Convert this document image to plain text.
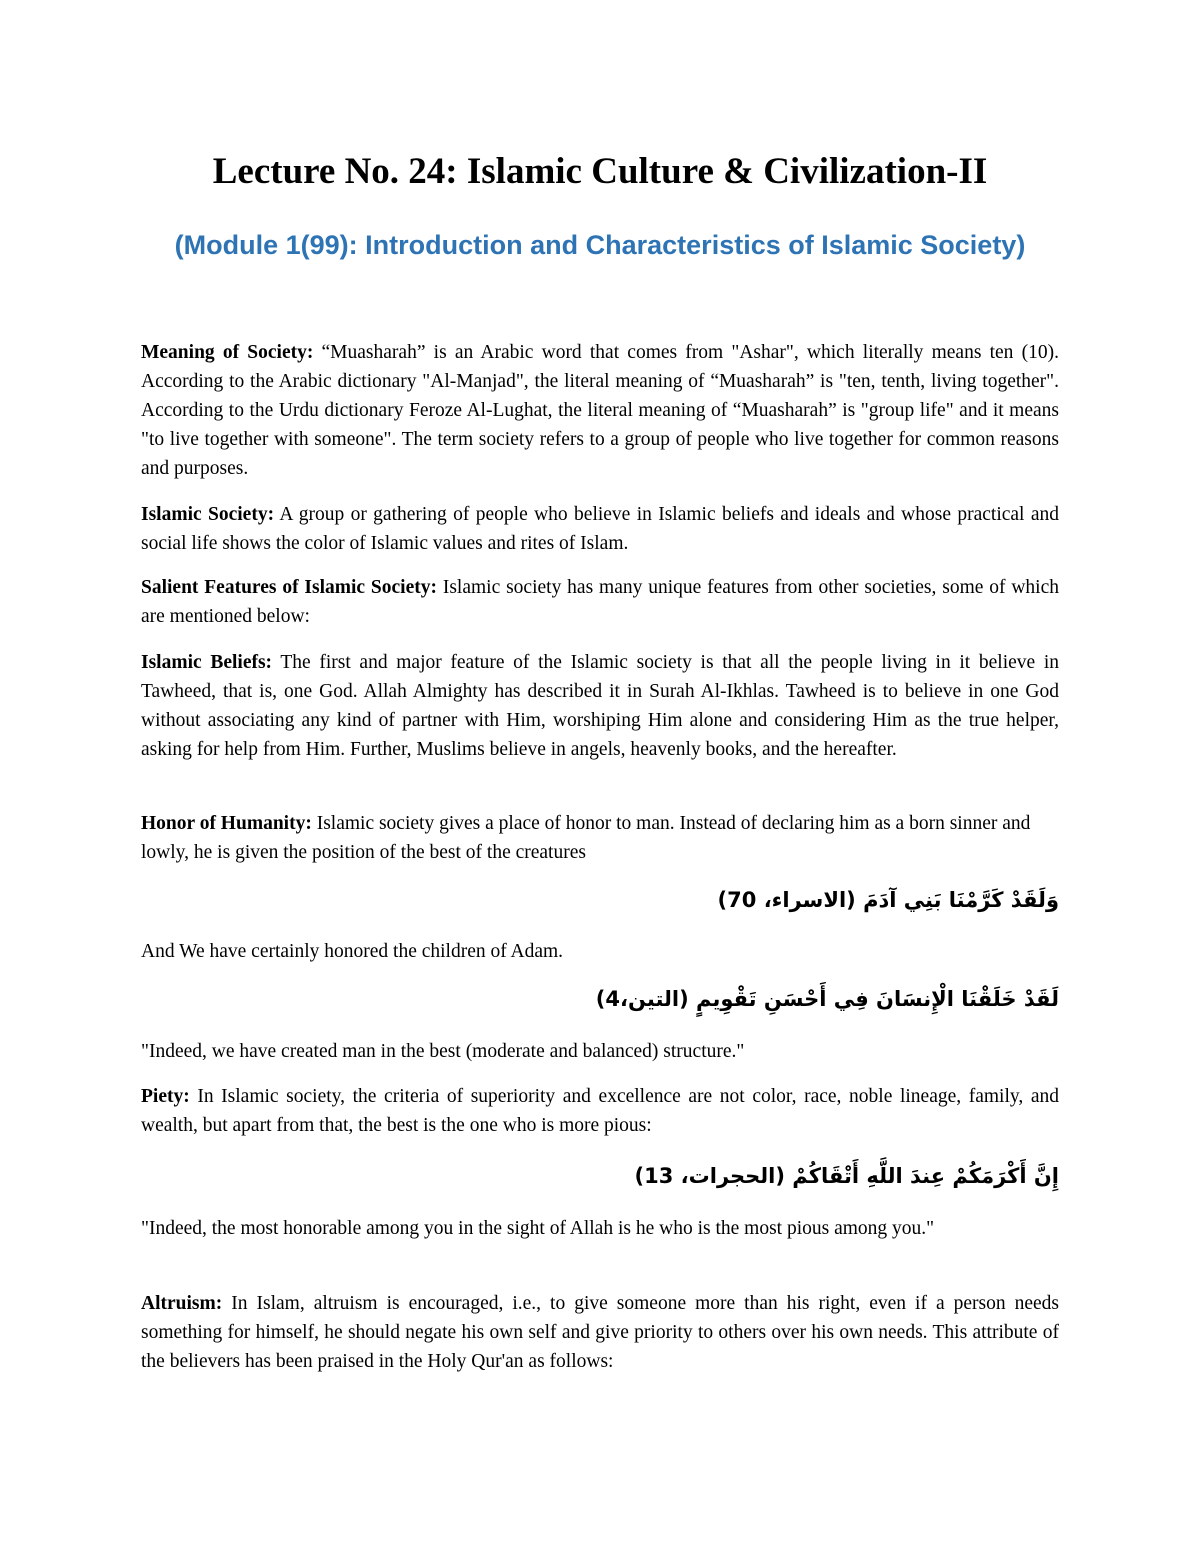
Lecture No. 24: Islamic Culture & Civilization-II
(Module 1(99): Introduction and Characteristics of Islamic Society)

Meaning of Society: “Muasharah” is an Arabic word that comes from "Ashar", which literally means ten (10). According to the Arabic dictionary "Al-Manjad", the literal meaning of “Muasharah” is "ten, tenth, living together". According to the Urdu dictionary Feroze Al-Lughat, the literal meaning of “Muasharah” is "group life" and it means "to live together with someone". The term society refers to a group of people who live together for common reasons and purposes.

Islamic Society: A group or gathering of people who believe in Islamic beliefs and ideals and whose practical and social life shows the color of Islamic values and rites of Islam.

Salient Features of Islamic Society: Islamic society has many unique features from other societies, some of which are mentioned below:

Islamic Beliefs: The first and major feature of the Islamic society is that all the people living in it believe in Tawheed, that is, one God. Allah Almighty has described it in Surah Al-Ikhlas. Tawheed is to believe in one God without associating any kind of partner with Him, worshiping Him alone and considering Him as the true helper, asking for help from Him. Further, Muslims believe in angels, heavenly books, and the hereafter.

Honor of Humanity: Islamic society gives a place of honor to man. Instead of declaring him as a born sinner and lowly, he is given the position of the best of the creatures

وَلَقَدْ كَرَّمْنَا بَنِي آدَمَ (الاسراء، 70)

And We have certainly honored the children of Adam.

لَقَدْ خَلَقْنَا الْإِنسَانَ فِي أَحْسَنِ تَقْوِيمٍ (التين،4)

"Indeed, we have created man in the best (moderate and balanced) structure."

Piety: In Islamic society, the criteria of superiority and excellence are not color, race, noble lineage, family, and wealth, but apart from that, the best is the one who is more pious:

إِنَّ أَكْرَمَكُمْ عِندَ اللَّهِ أَتْقَاكُمْ (الحجرات، 13)

"Indeed, the most honorable among you in the sight of Allah is he who is the most pious among you."

Altruism: In Islam, altruism is encouraged, i.e., to give someone more than his right, even if a person needs something for himself, he should negate his own self and give priority to others over his own needs. This attribute of the believers has been praised in the Holy Qur'an as follows:
